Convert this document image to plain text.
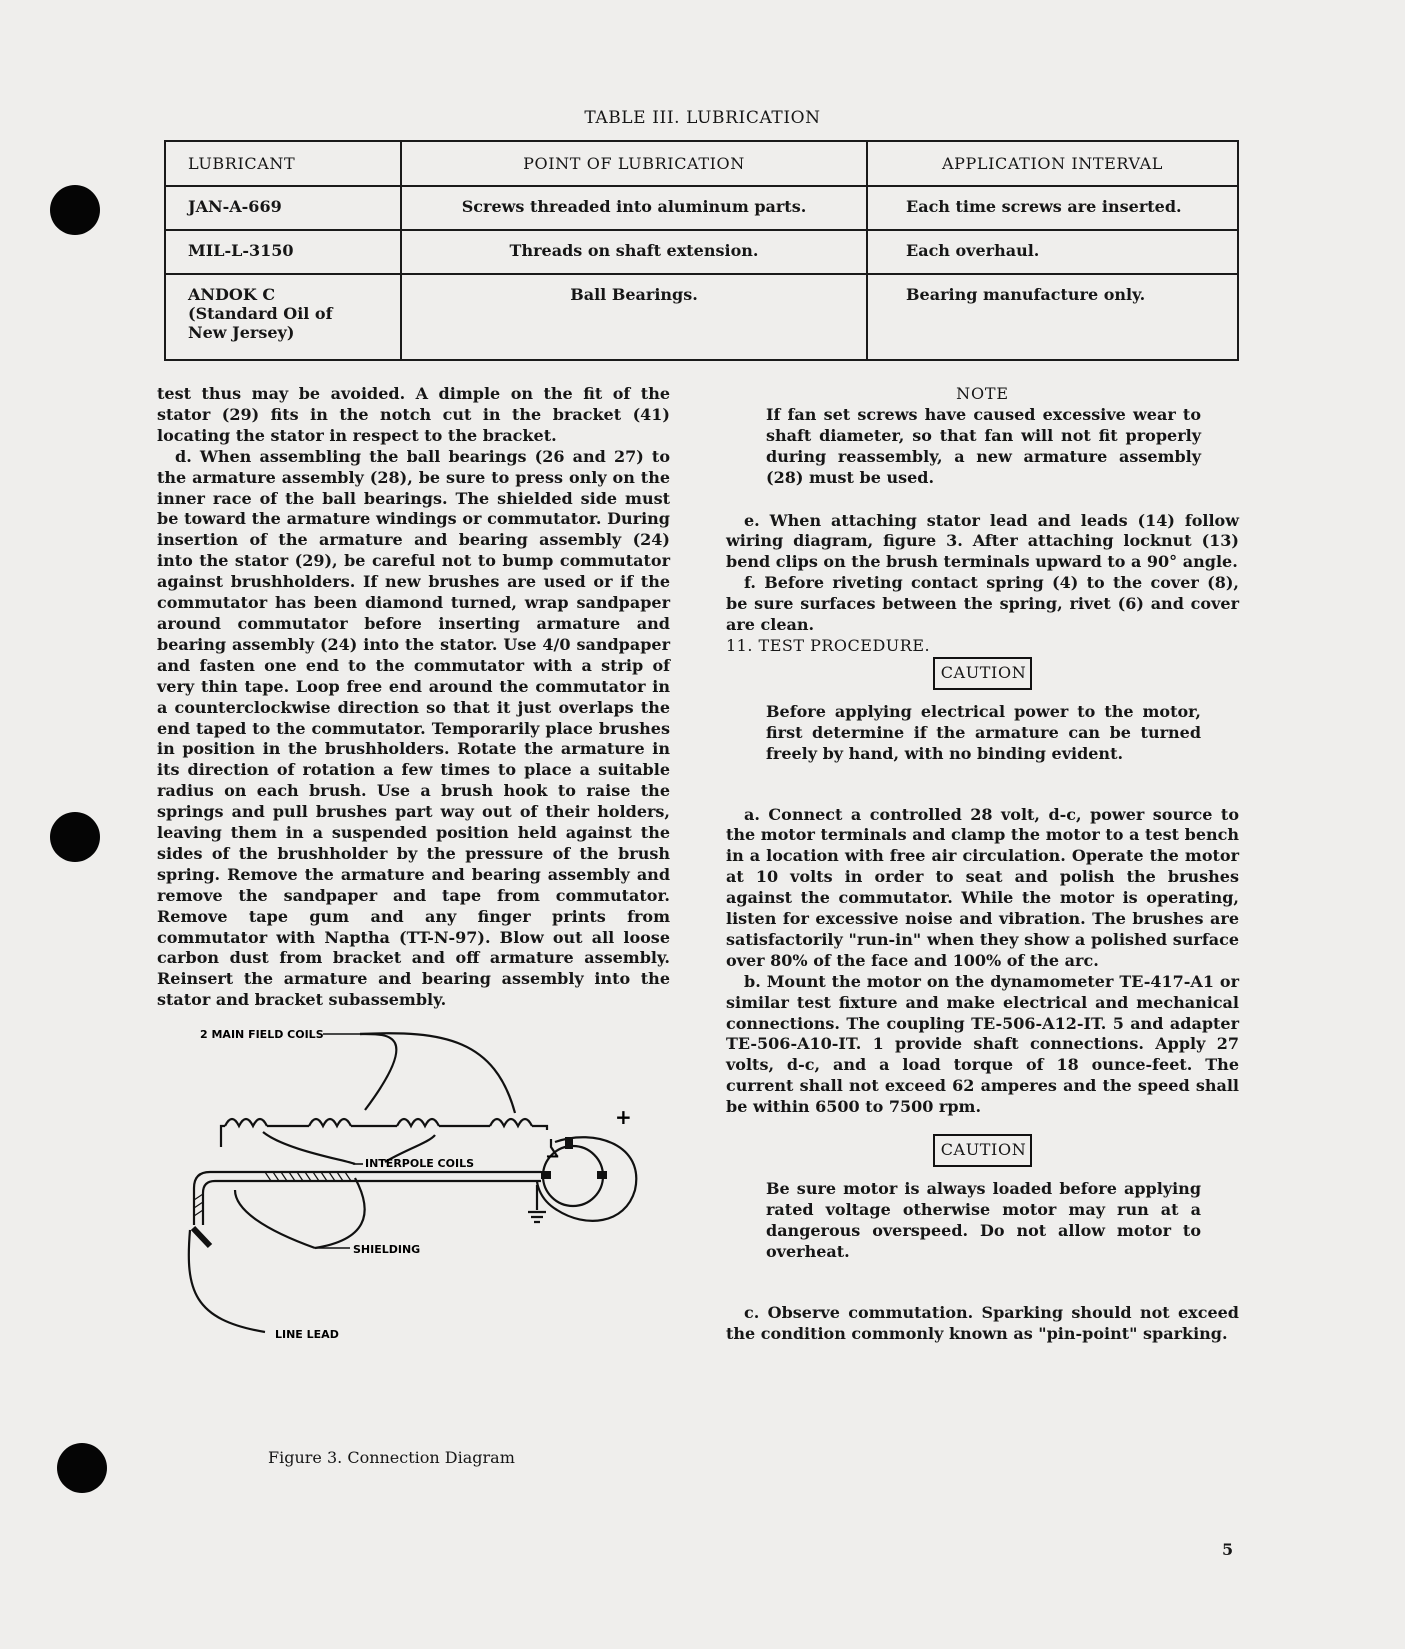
TABLE III. LUBRICATION
LUBRICANT	POINT OF LUBRICATION	APPLICATION INTERVAL
JAN-A-669	Screws threaded into aluminum parts.	Each time screws are inserted.
MIL-L-3150	Threads on shaft extension.	Each overhaul.

ANDOK C
(Standard Oil of
New Jersey)	Ball Bearings.	Bearing manufacture only.

test thus may be avoided. A dimple on the fit of the stator (29) fits in the notch cut in the bracket (41) locating the stator in respect to the bracket.

d. When assembling the ball bearings (26 and 27) to the armature assembly (28), be sure to press only on the inner race of the ball bearings. The shielded side must be toward the armature windings or commutator. During insertion of the armature and bearing assembly (24) into the stator (29), be careful not to bump commutator against brushholders. If new brushes are used or if the commutator has been diamond turned, wrap sandpaper around commutator before inserting armature and bearing assembly (24) into the stator. Use 4/0 sandpaper and fasten one end to the commutator with a strip of very thin tape. Loop free end around the commutator in a counterclockwise direction so that it just overlaps the end taped to the commutator. Temporarily place brushes in position in the brushholders. Rotate the armature in its direction of rotation a few times to place a suitable radius on each brush. Use a brush hook to raise the springs and pull brushes part way out of their holders, leaving them in a suspended position held against the sides of the brushholder by the pressure of the brush spring. Remove the armature and bearing assembly and remove the sandpaper and tape from commutator. Remove tape gum and any finger prints from commutator with Naptha (TT-N-97). Blow out all loose carbon dust from bracket and off armature assembly. Reinsert the armature and bearing assembly into the stator and bracket subassembly.

2 MAIN FIELD COILS
INTERPOLE COILS
SHIELDING
LINE LEAD
+
−
Figure 3. Connection Diagram

NOTE

If fan set screws have caused excessive wear to shaft diameter, so that fan will not fit properly during reassembly, a new armature assembly (28) must be used.

e. When attaching stator lead and leads (14) follow wiring diagram, figure 3. After attaching locknut (13) bend clips on the brush terminals upward to a 90° angle.

f. Before riveting contact spring (4) to the cover (8), be sure surfaces between the spring, rivet (6) and cover are clean.

11. TEST PROCEDURE.

CAUTION

Before applying electrical power to the motor, first determine if the armature can be turned freely by hand, with no binding evident.

a. Connect a controlled 28 volt, d-c, power source to the motor terminals and clamp the motor to a test bench in a location with free air circulation. Operate the motor at 10 volts in order to seat and polish the brushes against the commutator. While the motor is operating, listen for excessive noise and vibration. The brushes are satisfactorily "run-in" when they show a polished surface over 80% of the face and 100% of the arc.

b. Mount the motor on the dynamometer TE-417-A1 or similar test fixture and make electrical and mechanical connections. The coupling TE-506-A12-IT. 5 and adapter TE-506-A10-IT. 1 provide shaft connections. Apply 27 volts, d-c, and a load torque of 18 ounce-feet. The current shall not exceed 62 amperes and the speed shall be within 6500 to 7500 rpm.

CAUTION

Be sure motor is always loaded before applying rated voltage otherwise motor may run at a dangerous overspeed. Do not allow motor to overheat.

c. Observe commutation. Sparking should not exceed the condition commonly known as "pin-point" sparking.

5
